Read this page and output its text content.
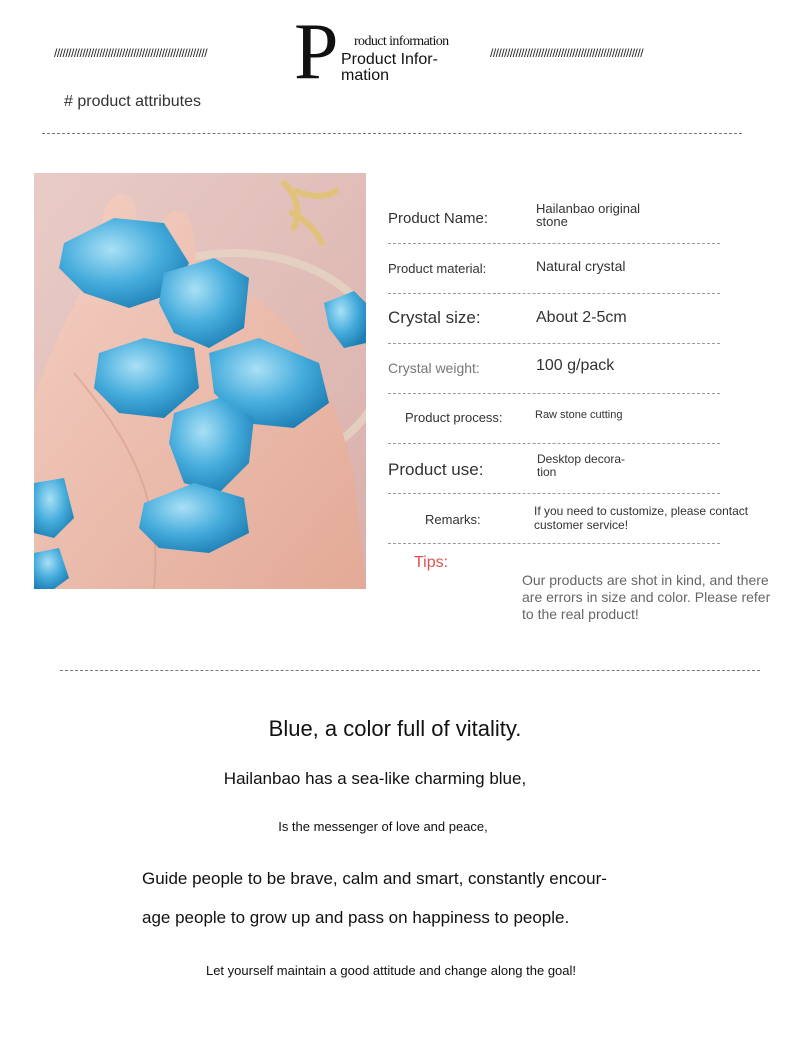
//////////////////////////////////////////////////////	//////////////////////////////////////////////////////
P roduct information
Product Infor-
mation
# product attributes
Product Name:
Hailanbao original stone
Product material:	Natural crystal
Crystal size:	About 2-5cm
Crystal weight:	100 g/pack
Product process:	Raw stone cutting
Product use:
Desktop decora-tion
Remarks:
If you need to customize, please contact customer service!
Tips:
Our products are shot in kind, and there are errors in size and color. Please refer to the real product!
Blue, a color full of vitality.
Hailanbao has a sea-like charming blue,
Is the messenger of love and peace,
Guide people to be brave, calm and smart, constantly encour-
age people to grow up and pass on happiness to people.
Let yourself maintain a good attitude and change along the goal!
